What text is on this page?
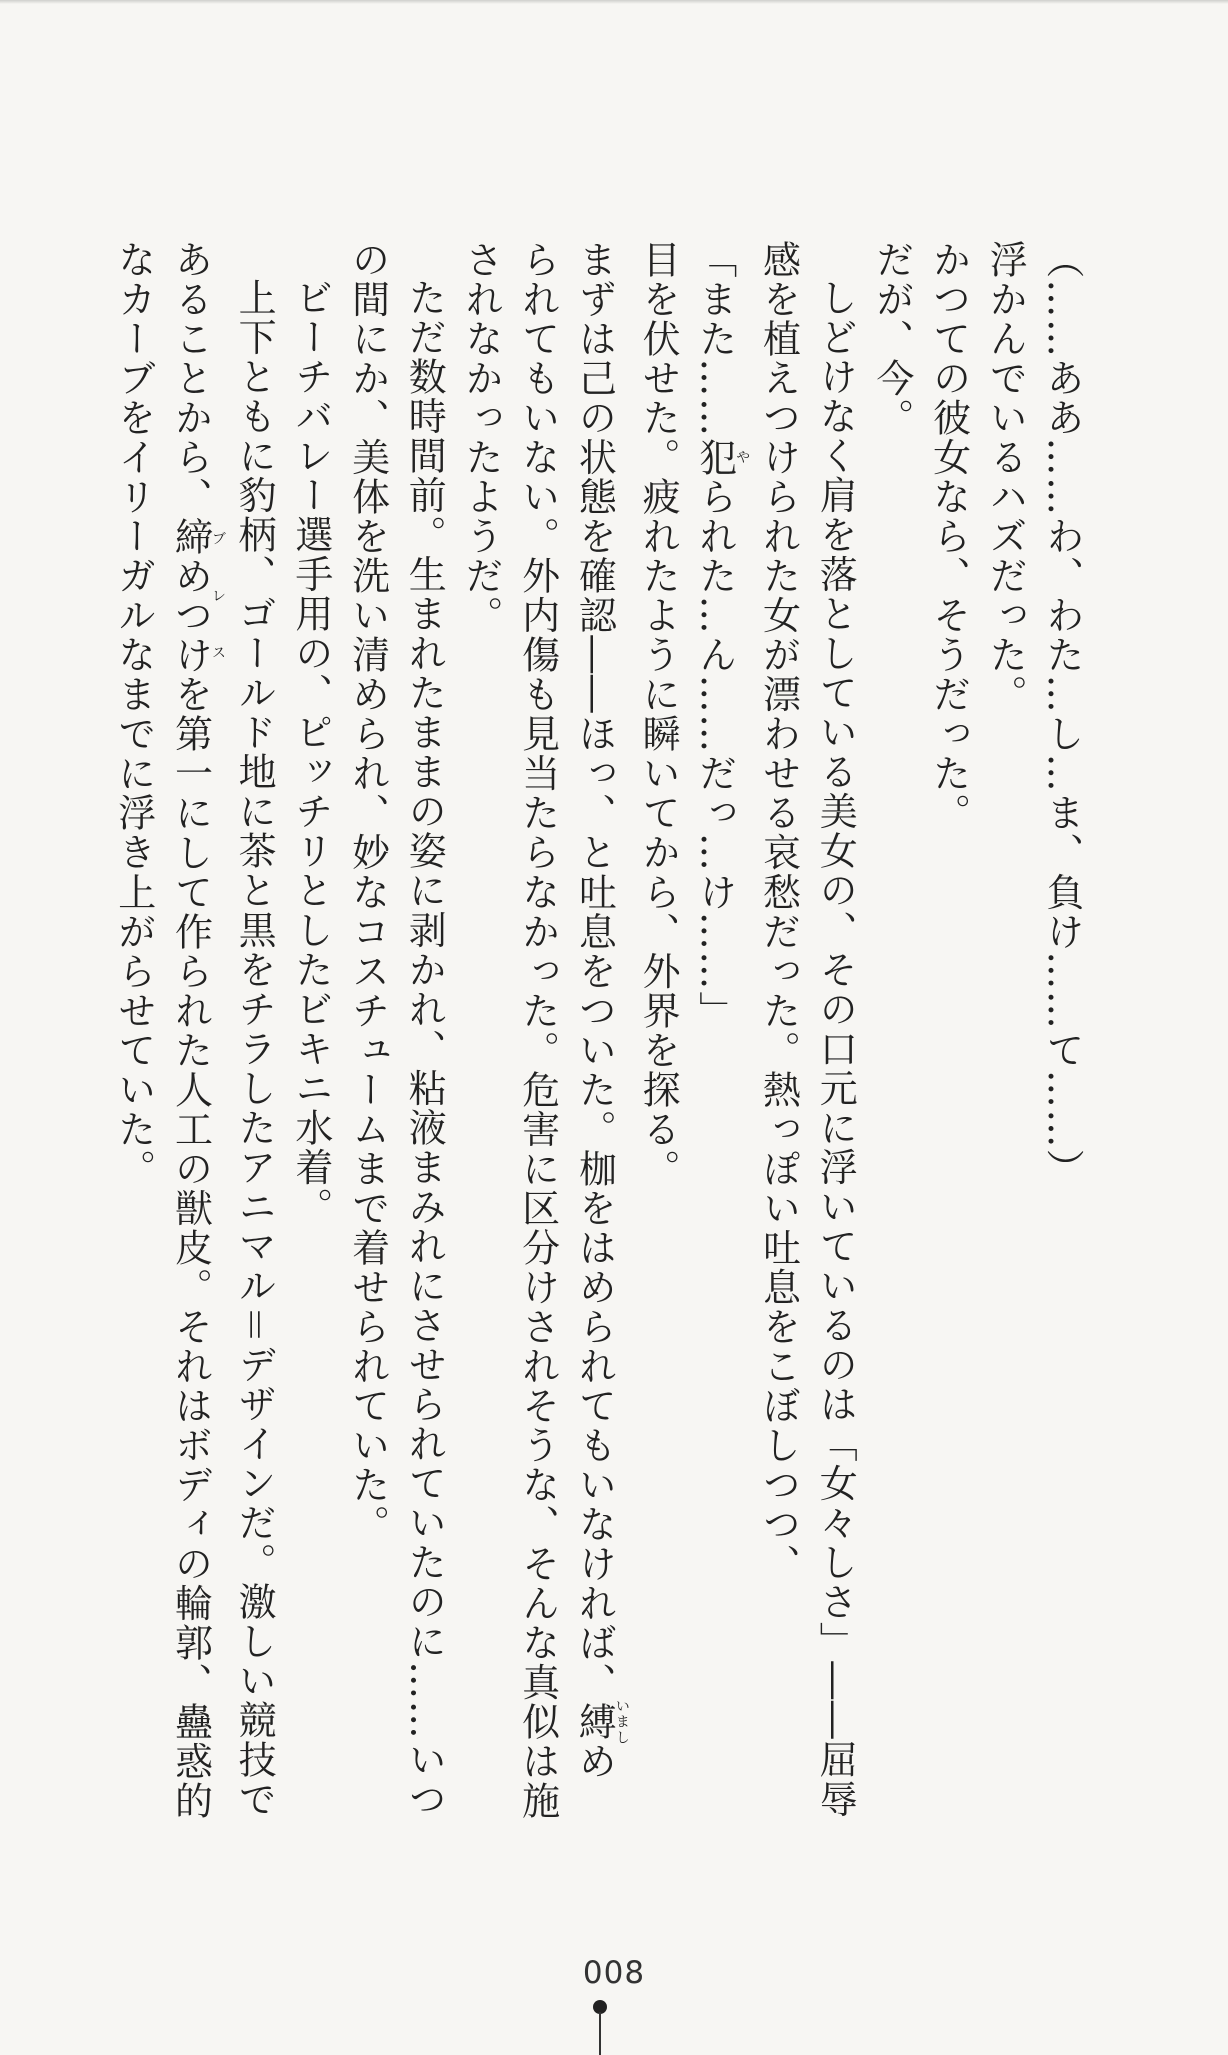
（……ああ……わ、わた…し…ま、負け……て……）

浮かんでいるハズだった。

かつての彼女なら、そうだった。

だが、今。

しどけなく肩を落としている美女の、その口元に浮いているのは「女々しさ」――屈辱

感を植えつけられた女が漂わせる哀愁だった。熱っぽい吐息をこぼしつつ、

「また……犯やられた…ん……だっ…け……」

目を伏せた。疲れたように瞬いてから、外界を探る。

まずは己の状態を確認――ほっ、と吐息をついた。枷をはめられてもいなければ、縛いましめ

られてもいない。外内傷も見当たらなかった。危害に区分けされそうな、そんな真似は施

されなかったようだ。

ただ数時間前。生まれたままの姿に剥かれ、粘液まみれにさせられていたのに……いつ

の間にか、美体を洗い清められ、妙なコスチュームまで着せられていた。

ビーチバレー選手用の、ピッチリとしたビキニ水着。

上下ともに豹柄、ゴールド地に茶と黒をチラしたアニマル＝デザインだ。激しい競技で

あることから、締めつけブレスを第一にして作られた人工の獣皮。それはボディの輪郭、蠱惑的

なカーブをイリーガルなまでに浮き上がらせていた。

008
